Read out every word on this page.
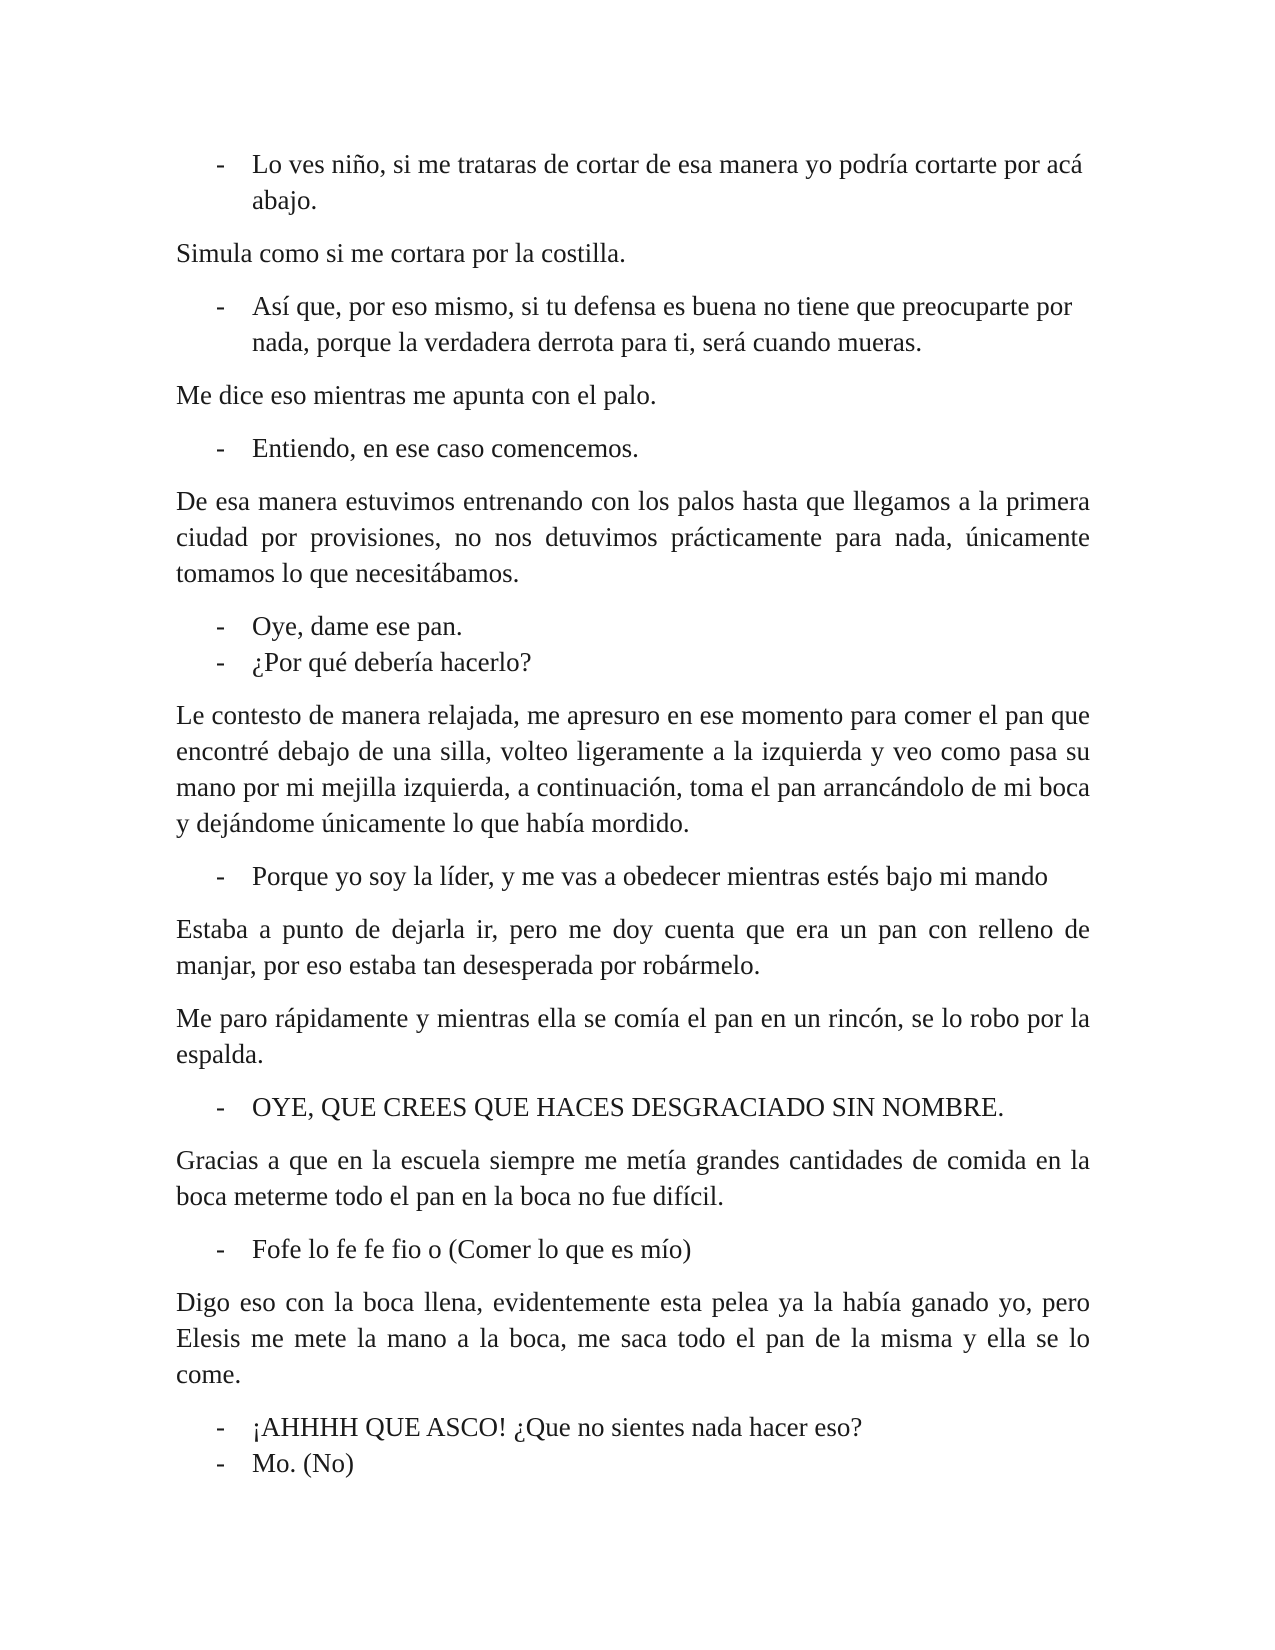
- Lo ves niño, si me trataras de cortar de esa manera yo podría cortarte por acá abajo.

Simula como si me cortara por la costilla.

- Así que, por eso mismo, si tu defensa es buena no tiene que preocuparte por nada, porque la verdadera derrota para ti, será cuando mueras.

Me dice eso mientras me apunta con el palo.

- Entiendo, en ese caso comencemos.

De esa manera estuvimos entrenando con los palos hasta que llegamos a la primera ciudad por provisiones, no nos detuvimos prácticamente para nada, únicamente tomamos lo que necesitábamos.

- Oye, dame ese pan.
- ¿Por qué debería hacerlo?

Le contesto de manera relajada, me apresuro en ese momento para comer el pan que encontré debajo de una silla, volteo ligeramente a la izquierda y veo como pasa su mano por mi mejilla izquierda, a continuación, toma el pan arrancándolo de mi boca y dejándome únicamente lo que había mordido.

- Porque yo soy la líder, y me vas a obedecer mientras estés bajo mi mando

Estaba a punto de dejarla ir, pero me doy cuenta que era un pan con relleno de manjar, por eso estaba tan desesperada por robármelo.

Me paro rápidamente y mientras ella se comía el pan en un rincón, se lo robo por la espalda.

- OYE, QUE CREES QUE HACES DESGRACIADO SIN NOMBRE.

Gracias a que en la escuela siempre me metía grandes cantidades de comida en la boca meterme todo el pan en la boca no fue difícil.

- Fofe lo fe fe fio o (Comer lo que es mío)

Digo eso con la boca llena, evidentemente esta pelea ya la había ganado yo, pero Elesis me mete la mano a la boca, me saca todo el pan de la misma y ella se lo come.

- ¡AHHHH QUE ASCO! ¿Que no sientes nada hacer eso?
- Mo. (No)
